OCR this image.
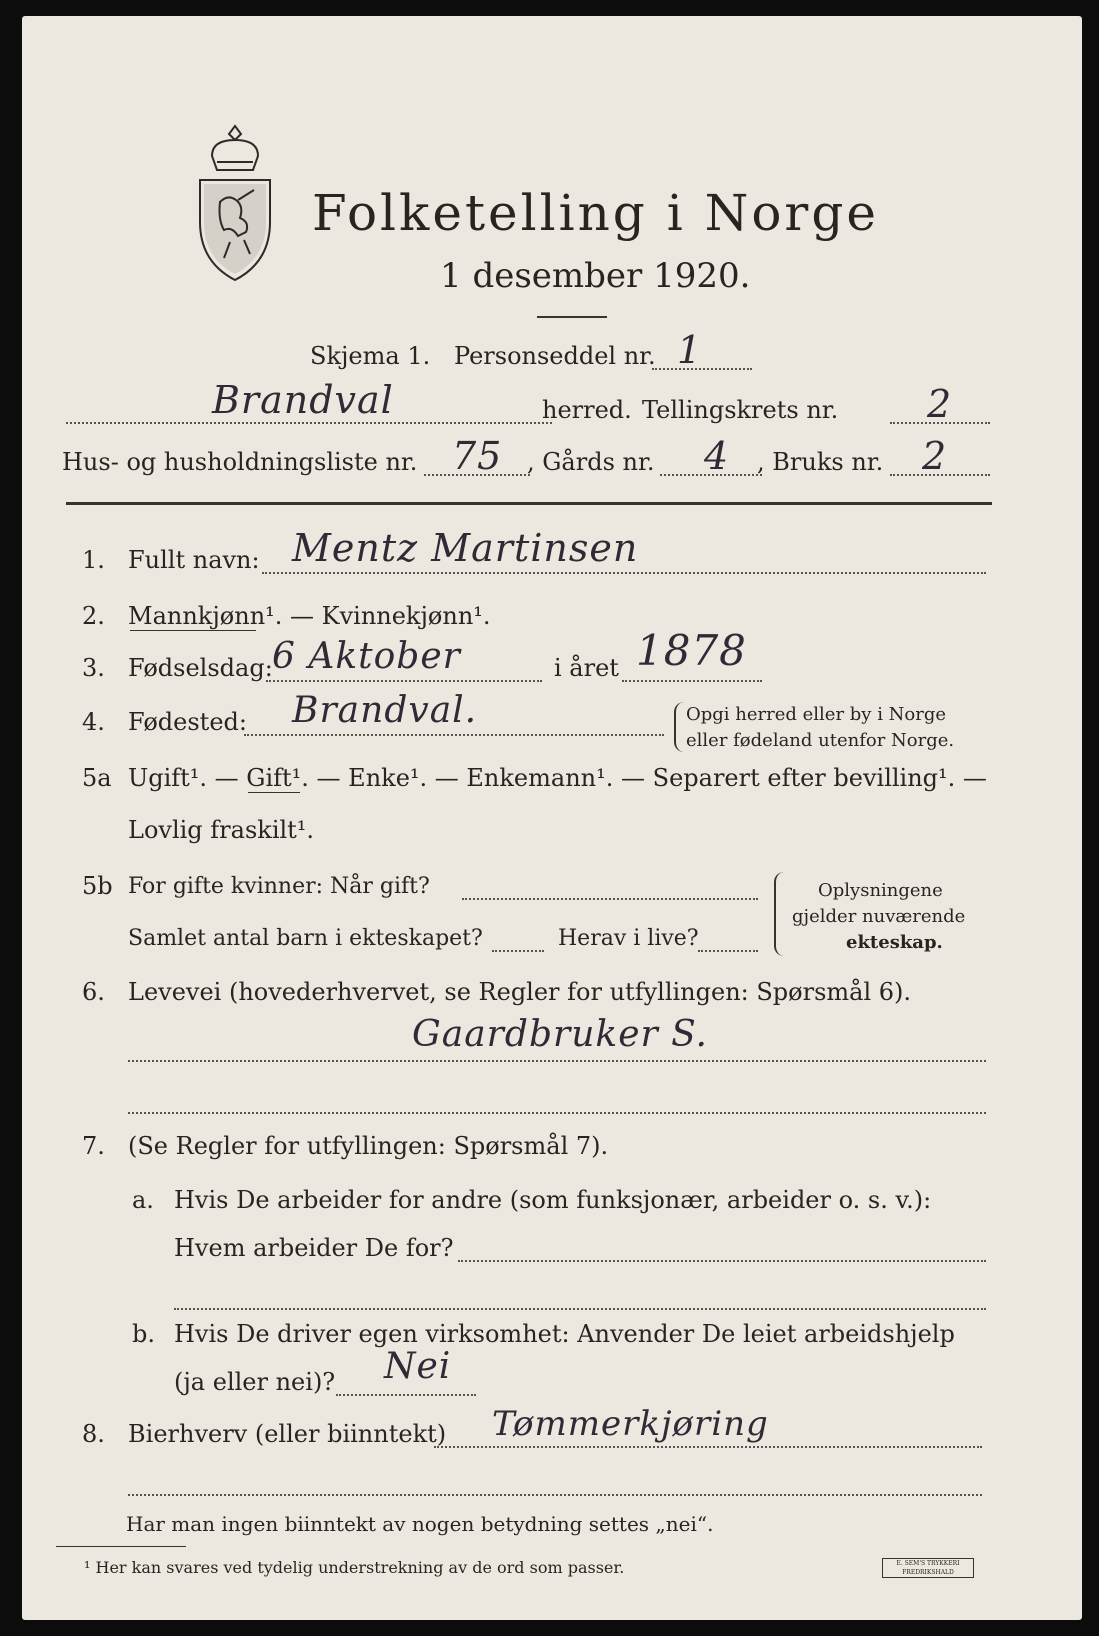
Folketelling i Norge
1 desember 1920.
Skjema 1. Personseddel nr. 1
Brandval	herred. Tellingskrets nr. 2
Hus- og husholdningsliste nr. 75 , Gårds nr. 4 , Bruks nr. 2
1. Fullt navn: Mentz Martinsen
2. Mannkjønn¹. — Kvinnekjønn¹.
3. Fødselsdag: 6 Aktober	i året 1878
4. Fødested: Brandval.	Opgi herred eller by i Norge
eller fødeland utenfor Norge.
5a Ugift¹. — Gift¹. — Enke¹. — Enkemann¹. — Separert efter bevilling¹. —
Lovlig fraskilt¹.
5b For gifte kvinner: Når gift?
Samlet antal barn i ekteskapet?	Herav i live?
Oplysningene
gjelder nuværende
ekteskap.
6. Levevei (hovederhvervet, se Regler for utfyllingen: Spørsmål 6).
Gaardbruker S.
7. (Se Regler for utfyllingen: Spørsmål 7).
a. Hvis De arbeider for andre (som funksjonær, arbeider o. s. v.):
Hvem arbeider De for?
b. Hvis De driver egen virksomhet: Anvender De leiet arbeidshjelp
(ja eller nei)? Nei
8. Bierhverv (eller biinntekt) Tømmerkjøring
Har man ingen biinntekt av nogen betydning settes „nei“.
¹ Her kan svares ved tydelig understrekning av de ord som passer.	E. SEM'S TRYKKERI FREDRIKSHALD
